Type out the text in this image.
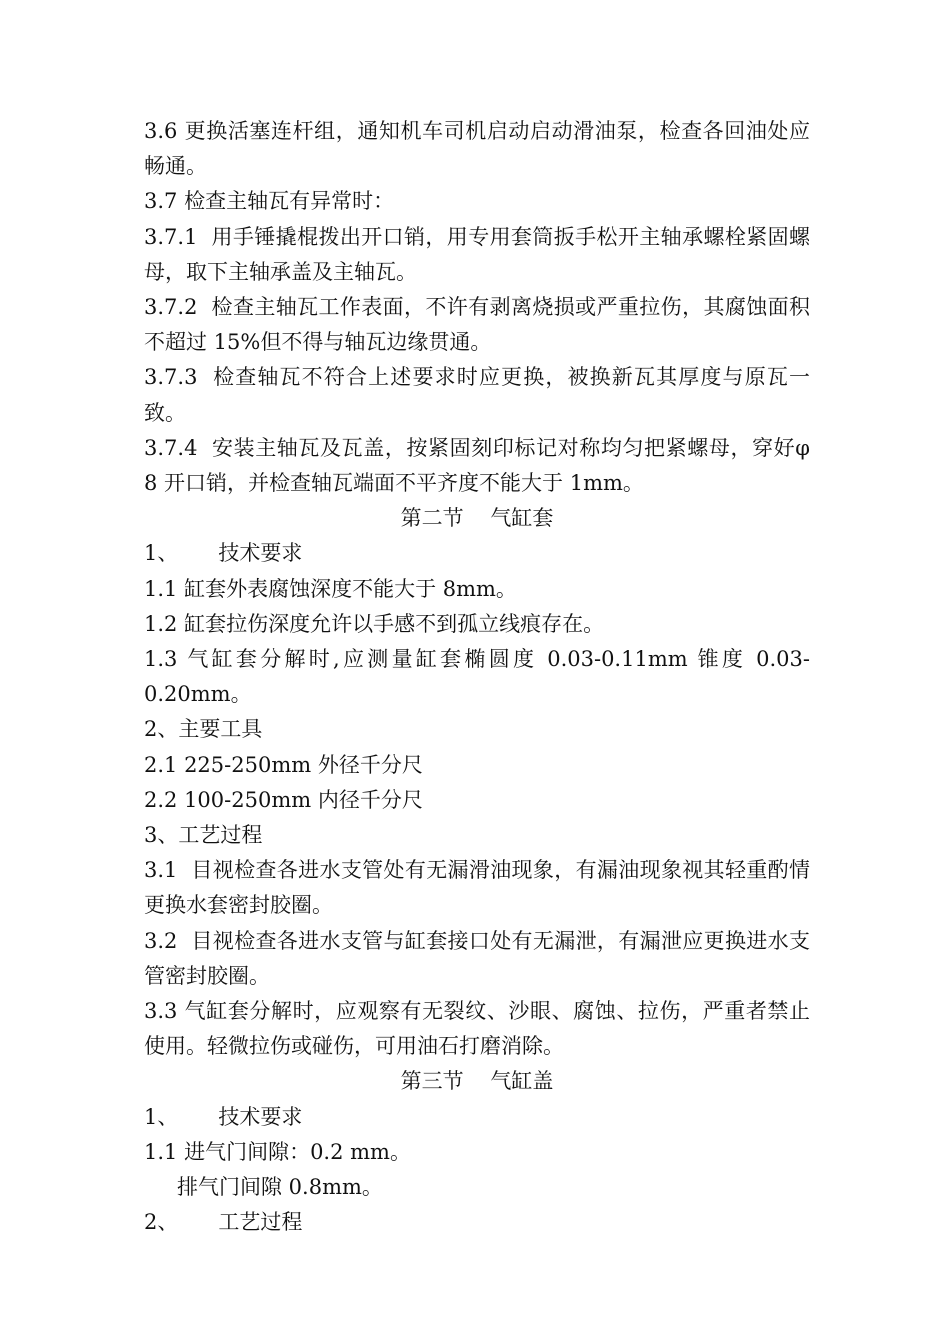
3.6 更换活塞连杆组，通知机车司机启动启动滑油泵，检查各回油处应畅通。

3.7 检查主轴瓦有异常时：

3.7.1  用手锤撬棍拨出开口销，用专用套筒扳手松开主轴承螺栓紧固螺母，取下主轴承盖及主轴瓦。

3.7.2  检查主轴瓦工作表面，不许有剥离烧损或严重拉伤，其腐蚀面积不超过 15%但不得与轴瓦边缘贯通。

3.7.3  检查轴瓦不符合上述要求时应更换，被换新瓦其厚度与原瓦一致。

3.7.4  安装主轴瓦及瓦盖，按紧固刻印标记对称均匀把紧螺母，穿好φ 8 开口销，并检查轴瓦端面不平齐度不能大于 1mm。

第二节    气缸套

1、      技术要求

1.1 缸套外表腐蚀深度不能大于 8mm。

1.2 缸套拉伤深度允许以手感不到孤立线痕存在。

1.3 气缸套分解时,应测量缸套椭圆度 0.03-0.11mm 锥度 0.03-0.20mm。

2、主要工具

2.1 225-250mm 外径千分尺

2.2 100-250mm 内径千分尺

3、工艺过程

3.1  目视检查各进水支管处有无漏滑油现象，有漏油现象视其轻重酌情更换水套密封胶圈。

3.2  目视检查各进水支管与缸套接口处有无漏泄，有漏泄应更换进水支管密封胶圈。

3.3 气缸套分解时，应观察有无裂纹、沙眼、腐蚀、拉伤，严重者禁止使用。轻微拉伤或碰伤，可用油石打磨消除。

第三节    气缸盖

1、      技术要求

1.1 进气门间隙：0.2 mm。

排气门间隙 0.8mm。

2、      工艺过程
